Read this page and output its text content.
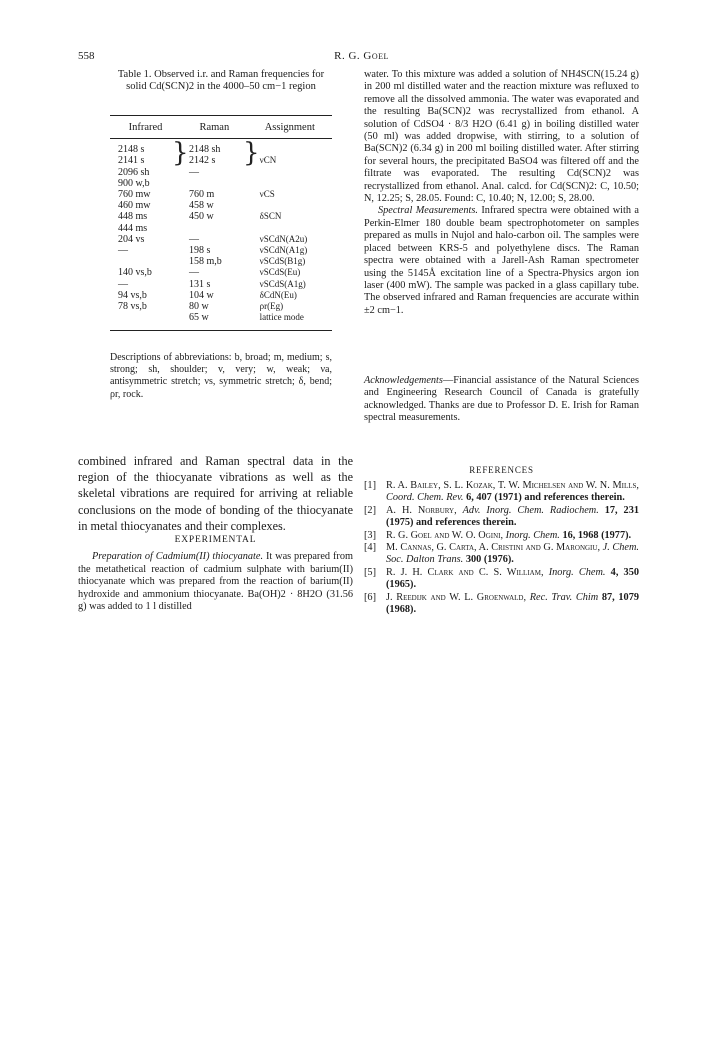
558	R. G. Goel
Table 1. Observed i.r. and Raman frequencies for solid Cd(SCN)2 in the 4000–50 cm−1 region
Infrared	Raman	Assignment
2148 s	2148 sh	
2141 s	2142 s	νCN
2096 sh	—	
900 w,b		
760 mw	760 m	νCS
460 mw	458 w	
448 ms	450 w	δSCN
444 ms		
204 vs	—	νSCdN(A2u)
—	198 s	νSCdN(A1g)
	158 m,b	νSCdS(B1g)
140 vs,b	—	νSCdS(Eu)
—	131 s	νSCdS(A1g)
94 vs,b	104 w	δCdN(Eu)
78 vs,b	80 w	ρr(Eg)
	65 w	lattice mode
} }
Descriptions of abbreviations: b, broad; m, medium; s, strong; sh, shoulder; v, very; w, weak; νa, antisymmetric stretch; νs, symmetric stretch; δ, bend; ρr, rock.
combined infrared and Raman spectral data in the region of the thiocyanate vibrations as well as the skeletal vibrations are required for arriving at reliable conclusions on the mode of bonding of the thiocyanate in metal thiocyanates and their complexes.
EXPERIMENTAL
Preparation of Cadmium(II) thiocyanate. It was prepared from the metathetical reaction of cadmium sulphate with barium(II) thiocyanate which was prepared from the reaction of barium(II) hydroxide and ammonium thiocyanate. Ba(OH)2 · 8H2O (31.56 g) was added to 1 l distilled
water. To this mixture was added a solution of NH4SCN(15.24 g) in 200 ml distilled water and the reaction mixture was refluxed to remove all the dissolved ammonia. The water was evaporated and the resulting Ba(SCN)2 was recrystallized from ethanol. A solution of CdSO4 · 8/3 H2O (6.41 g) in boiling distilled water (50 ml) was added dropwise, with stirring, to a solution of Ba(SCN)2 (6.34 g) in 200 ml boiling distilled water. After stirring for several hours, the precipitated BaSO4 was filtered off and the filtrate was evaporated. The resulting Cd(SCN)2 was recrystallized from ethanol. Anal. calcd. for Cd(SCN)2: C, 10.50; N, 12.25; S, 28.05. Found: C, 10.40; N, 12.00; S, 28.00.
Spectral Measurements. Infrared spectra were obtained with a Perkin-Elmer 180 double beam spectrophotometer on samples prepared as mulls in Nujol and halo-carbon oil. The samples were placed between KRS-5 and polyethylene discs. The Raman spectra were obtained with a Jarell-Ash Raman spectrometer using the 5145Å excitation line of a Spectra-Physics argon ion laser (400 mW). The sample was packed in a glass capillary tube. The observed infrared and Raman frequencies are accurate within ±2 cm−1.
Acknowledgements—Financial assistance of the Natural Sciences and Engineering Research Council of Canada is gratefully acknowledged. Thanks are due to Professor D. E. Irish for Raman spectral measurements.
REFERENCES
[1] R. A. Bailey, S. L. Kozak, T. W. Michelsen and W. N. Mills, Coord. Chem. Rev. 6, 407 (1971) and references therein.
[2] A. H. Norbury, Adv. Inorg. Chem. Radiochem. 17, 231 (1975) and references therein.
[3] R. G. Goel and W. O. Ogini, Inorg. Chem. 16, 1968 (1977).
[4] M. Cannas, G. Carta, A. Cristini and G. Marongiu, J. Chem. Soc. Dalton Trans. 300 (1976).
[5] R. J. H. Clark and C. S. William, Inorg. Chem. 4, 350 (1965).
[6] J. Reedijk and W. L. Groenwald, Rec. Trav. Chim 87, 1079 (1968).
